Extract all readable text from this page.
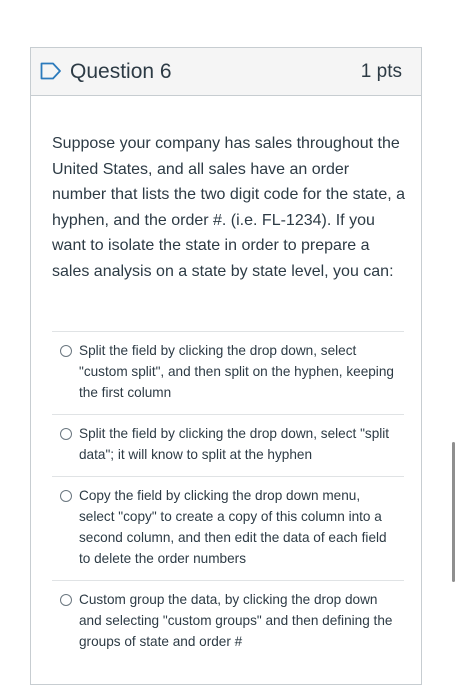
Question 6	1 pts
Suppose your company has sales throughout the United States, and all sales have an order number that lists the two digit code for the state, a hyphen, and the order #. (i.e. FL-1234). If you want to isolate the state in order to prepare a sales analysis on a state by state level, you can:
Split the field by clicking the drop down, select "custom split", and then split on the hyphen, keeping the first column
Split the field by clicking the drop down, select "split data"; it will know to split at the hyphen
Copy the field by clicking the drop down menu, select "copy" to create a copy of this column into a second column, and then edit the data of each field to delete the order numbers
Custom group the data, by clicking the drop down and selecting "custom groups" and then defining the groups of state and order #
